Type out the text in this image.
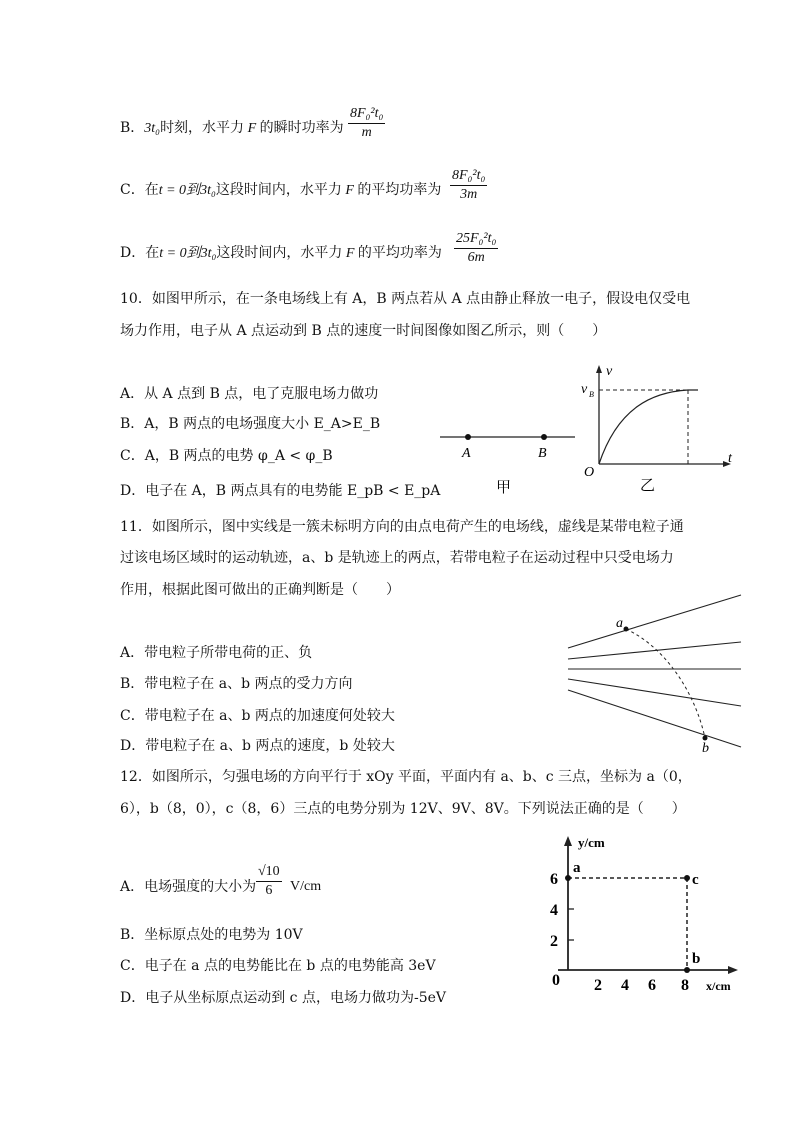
B．3t₀时刻，水平力 F 的瞬时功率为 $\frac{\text{8F₀²t₀}}{m}$
C．在t = 0到3t₀这段时间内，水平力 F 的平均功率为 $\frac{\text{8F₀²t₀}}{3m}$
D．在t = 0到3t₀这段时间内，水平力 F 的平均功率为 $\frac{\text{25F₀²t₀}}{6m}$
10．如图甲所示，在一条电场线上有 A，B 两点若从 A 点由静止释放一电子，假设电仅受电
场力作用，电子从 A 点运动到 B 点的速度一时间图像如图乙所示，则（　　）
A．从 A 点到 B 点，电了克服电场力做功
B．A，B 两点的电场强度大小 E_A>E_B
C．A，B 两点的电势 φ_A < φ_B
D．电子在 A，B 两点具有的电势能 E_pB < E_pA
A	B
甲
v
v B
O
t
乙
11．如图所示，图中实线是一簇未标明方向的由点电荷产生的电场线，虚线是某带电粒子通
过该电场区域时的运动轨迹，a、b 是轨迹上的两点，若带电粒子在运动过程中只受电场力
作用，根据此图可做出的正确判断是（　　）
A．带电粒子所带电荷的正、负
B．带电粒子在 a、b 两点的受力方向
C．带电粒子在 a、b 两点的加速度何处较大
D．带电粒子在 a、b 两点的速度，b 处较大
a
b
12．如图所示，匀强电场的方向平行于 xOy 平面，平面内有 a、b、c 三点，坐标为 a（0，
6），b（8，0），c（8，6）三点的电势分别为 12V、9V、8V。下列说法正确的是（　　）
A．电场强度的大小为 $\frac{√10}{6} V/cm$
B．坐标原点处的电势为 10V
C．电子在 a 点的电势能比在 b 点的电势能高 3eV
D．电子从坐标原点运动到 c 点，电场力做功为-5eV
y/cm
x/cm
a
c
b
0
6
4
2
2 4 6 8
